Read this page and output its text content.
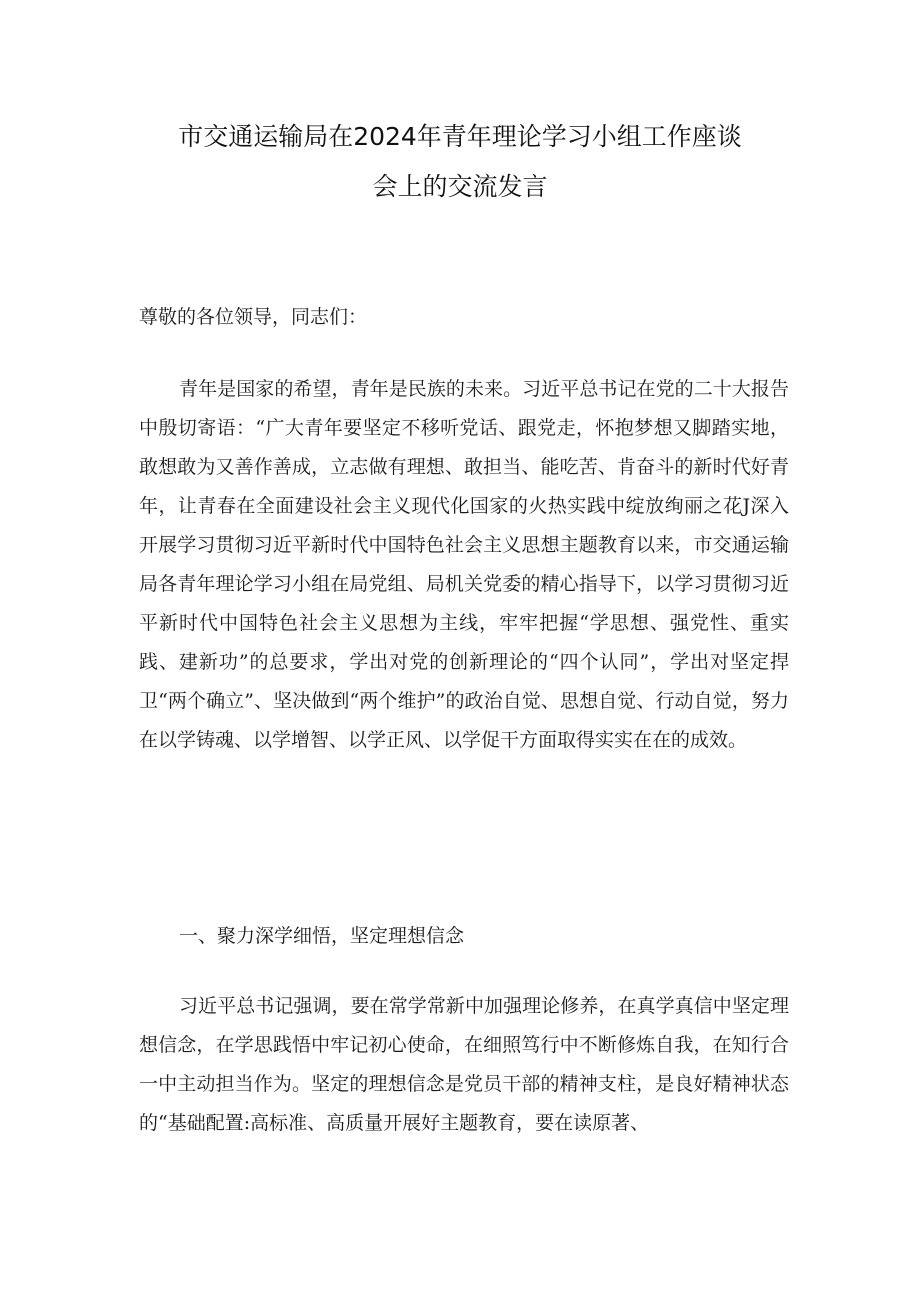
市交通运输局在2024年青年理论学习小组工作座谈
会上的交流发言

尊敬的各位领导，同志们：

青年是国家的希望，青年是民族的未来。习近平总书记在党的二十大报告中殷切寄语：“广大青年要坚定不移听党话、跟党走，怀抱梦想又脚踏实地，敢想敢为又善作善成，立志做有理想、敢担当、能吃苦、肯奋斗的新时代好青年，让青春在全面建设社会主义现代化国家的火热实践中绽放绚丽之花J深入开展学习贯彻习近平新时代中国特色社会主义思想主题教育以来，市交通运输局各青年理论学习小组在局党组、局机关党委的精心指导下，以学习贯彻习近平新时代中国特色社会主义思想为主线，牢牢把握“学思想、强党性、重实践、建新功”的总要求，学出对党的创新理论的“四个认同”，学出对坚定捍卫“两个确立”、坚决做到“两个维护”的政治自觉、思想自觉、行动自觉，努力在以学铸魂、以学增智、以学正风、以学促干方面取得实实在在的成效。

一、聚力深学细悟，坚定理想信念

习近平总书记强调，要在常学常新中加强理论修养，在真学真信中坚定理想信念，在学思践悟中牢记初心使命，在细照笃行中不断修炼自我，在知行合一中主动担当作为。坚定的理想信念是党员干部的精神支柱，是良好精神状态的“基础配置:高标准、高质量开展好主题教育，要在读原著、
